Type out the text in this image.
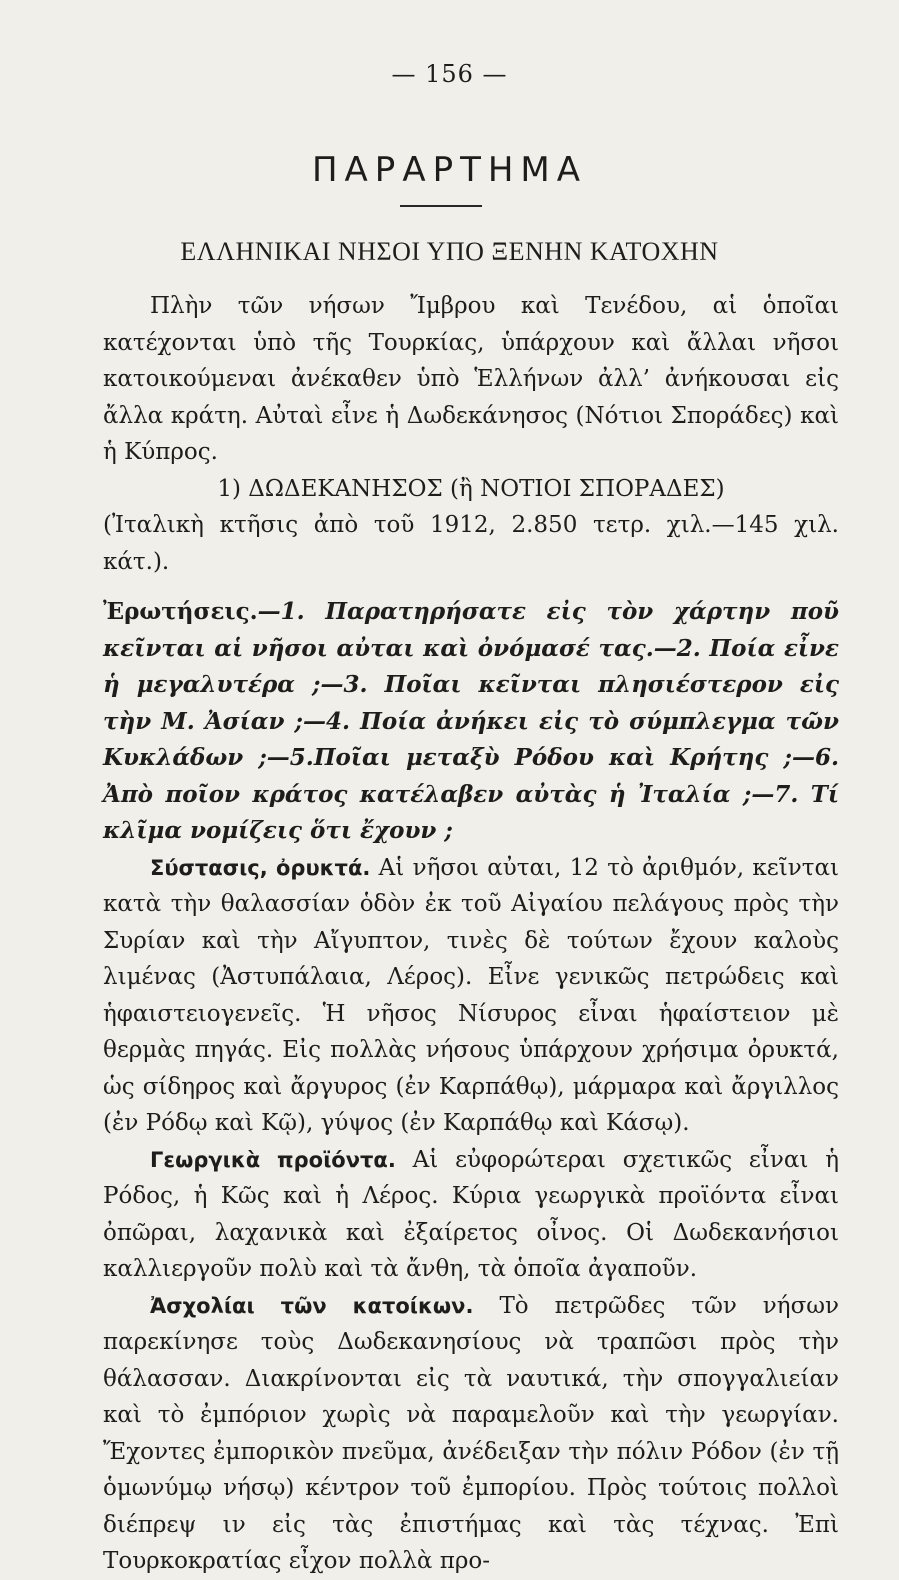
— 156 —
ΠΑΡΑΡΤΗΜΑ
ΕΛΛΗΝΙΚΑΙ ΝΗΣΟΙ ΥΠΟ ΞΕΝΗΝ ΚΑΤΟΧΗΝ

Πλὴν τῶν νήσων Ἴμβρου καὶ Τενέδου, αἱ ὁποῖαι κατέχονται ὑπὸ τῆς Τουρκίας, ὑπάρχουν καὶ ἄλλαι νῆσοι κατοικούμεναι ἀνέκαθεν ὑπὸ Ἑλλήνων ἀλλ’ ἀνήκουσαι εἰς ἄλλα κράτη. Αὐταὶ εἶνε ἡ Δωδεκάνησος (Νότιοι Σποράδες) καὶ ἡ Κύπρος.

1) ΔΩΔΕΚΑΝΗΣΟΣ (ἢ ΝΟΤΙΟΙ ΣΠΟΡΑΔΕΣ)

(Ἰταλικὴ κτῆσις ἀπὸ τοῦ 1912, 2.850 τετρ. χιλ.—145 χιλ. κάτ.).

Ἐρωτήσεις.—1. Παρατηρήσατε εἰς τὸν χάρτην ποῦ κεῖνται αἱ νῆσοι αὐται καὶ ὀνόμασέ τας.—2. Ποία εἶνε ἡ μεγαλυτέρα ;—3. Ποῖαι κεῖνται πλησιέστερον εἰς τὴν Μ. Ἀσίαν ;—4. Ποία ἀνήκει εἰς τὸ σύμπλεγμα τῶν Κυκλάδων ;—5.Ποῖαι μεταξὺ Ρόδου καὶ Κρήτης ;—6. Ἀπὸ ποῖον κράτος κατέλαβεν αὐτὰς ἡ Ἰταλία ;—7. Τί κλῖμα νομίζεις ὅτι ἔχουν ;

Σύστασις, ὀρυκτά. Αἱ νῆσοι αὐται, 12 τὸ ἀριθμόν, κεῖνται κατὰ τὴν θαλασσίαν ὁδὸν ἐκ τοῦ Αἰγαίου πελάγους πρὸς τὴν Συρίαν καὶ τὴν Αἴγυπτον, τινὲς δὲ τούτων ἔχουν καλοὺς λιμένας (Ἀστυπάλαια, Λέρος). Εἶνε γενικῶς πετρώδεις καὶ ἡφαιστειογενεῖς. Ἡ νῆσος Νίσυρος εἶναι ἡφαίστειον μὲ θερμὰς πηγάς. Εἰς πολλὰς νήσους ὑπάρχουν χρήσιμα ὀρυκτά, ὡς σίδηρος καὶ ἄργυρος (ἐν Καρπάθῳ), μάρμαρα καὶ ἄργιλλος (ἐν Ρόδῳ καὶ Κῷ), γύψος (ἐν Καρπάθῳ καὶ Κάσῳ).

Γεωργικὰ προϊόντα. Αἱ εὐφορώτεραι σχετικῶς εἶναι ἡ Ρόδος, ἡ Κῶς καὶ ἡ Λέρος. Κύρια γεωργικὰ προϊόντα εἶναι ὀπῶραι, λαχανικὰ καὶ ἐξαίρετος οἶνος. Οἱ Δωδεκανήσιοι καλλιεργοῦν πολὺ καὶ τὰ ἄνθη, τὰ ὁποῖα ἀγαποῦν.

Ἀσχολίαι τῶν κατοίκων. Τὸ πετρῶδες τῶν νήσων παρεκίνησε τοὺς Δωδεκανησίους νὰ τραπῶσι πρὸς τὴν θάλασσαν. Διακρίνονται εἰς τὰ ναυτικά, τὴν σπογγαλιείαν καὶ τὸ ἐμπόριον χωρὶς νὰ παραμελοῦν καὶ τὴν γεωργίαν. Ἔχοντες ἐμπορικὸν πνεῦμα, ἀνέδειξαν τὴν πόλιν Ρόδον (ἐν τῇ ὁμωνύμῳ νήσῳ) κέντρον τοῦ ἐμπορίου. Πρὸς τούτοις πολλοὶ διέπρεψ ιν εἰς τὰς ἐπιστήμας καὶ τὰς τέχνας. Ἐπὶ Τουρκοκρατίας εἶχον πολλὰ προ-
